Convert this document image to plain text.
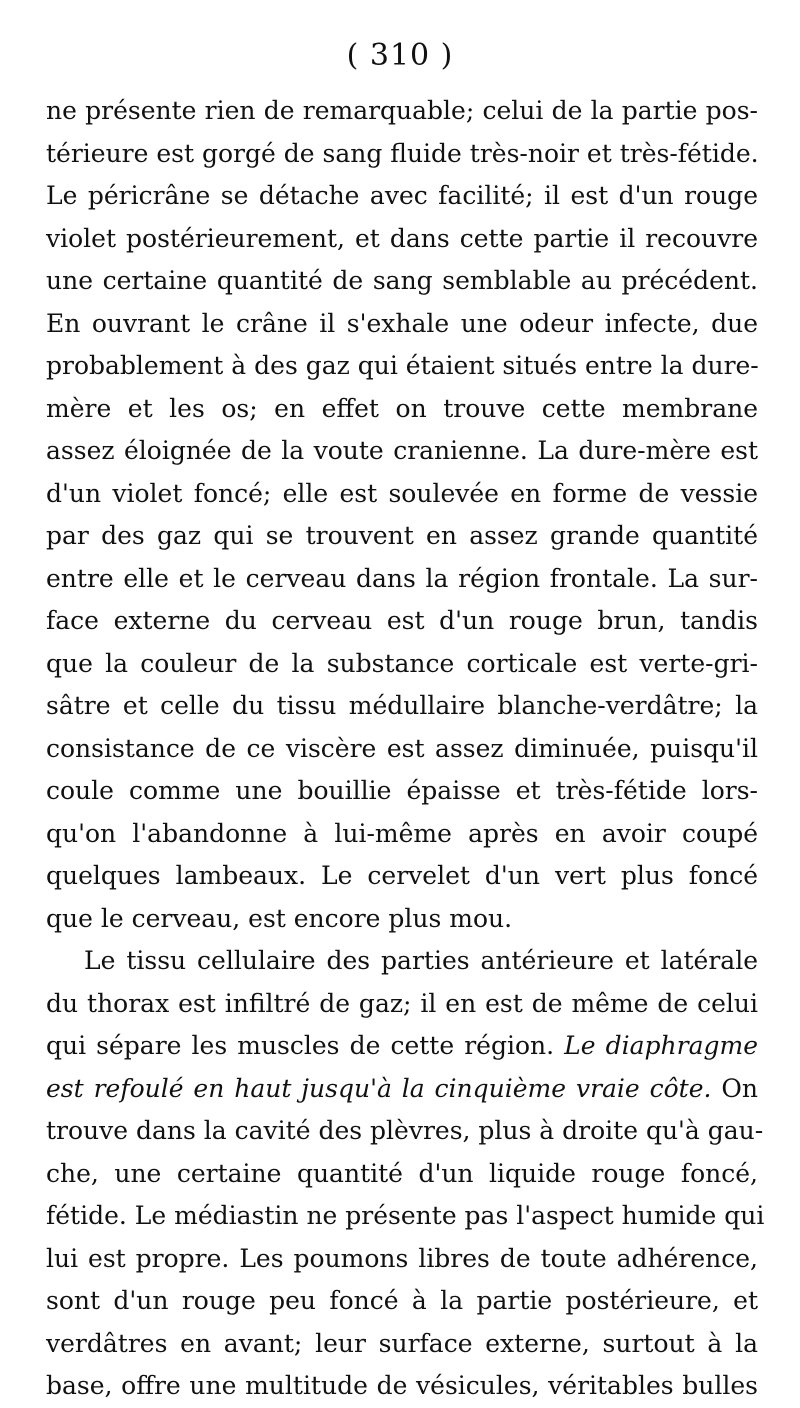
( 310 )
ne présente rien de remarquable; celui de la partie pos-
térieure est gorgé de sang fluide très-noir et très-fétide.
Le péricrâne se détache avec facilité; il est d'un rouge
violet postérieurement, et dans cette partie il recouvre
une certaine quantité de sang semblable au précédent.
En ouvrant le crâne il s'exhale une odeur infecte, due
probablement à des gaz qui étaient situés entre la dure-
mère et les os; en effet on trouve cette membrane
assez éloignée de la voute cranienne. La dure-mère est
d'un violet foncé; elle est soulevée en forme de vessie
par des gaz qui se trouvent en assez grande quantité
entre elle et le cerveau dans la région frontale. La sur-
face externe du cerveau est d'un rouge brun, tandis
que la couleur de la substance corticale est verte-gri-
sâtre et celle du tissu médullaire blanche-verdâtre; la
consistance de ce viscère est assez diminuée, puisqu'il
coule comme une bouillie épaisse et très-fétide lors-
qu'on l'abandonne à lui-même après en avoir coupé
quelques lambeaux. Le cervelet d'un vert plus foncé
que le cerveau, est encore plus mou.
Le tissu cellulaire des parties antérieure et latérale
du thorax est infiltré de gaz; il en est de même de celui
qui sépare les muscles de cette région. Le diaphragme
est refoulé en haut jusqu'à la cinquième vraie côte. On
trouve dans la cavité des plèvres, plus à droite qu'à gau-
che, une certaine quantité d'un liquide rouge foncé,
fétide. Le médiastin ne présente pas l'aspect humide qui
lui est propre. Les poumons libres de toute adhérence,
sont d'un rouge peu foncé à la partie postérieure, et
verdâtres en avant; leur surface externe, surtout à la
base, offre une multitude de vésicules, véritables bulles
